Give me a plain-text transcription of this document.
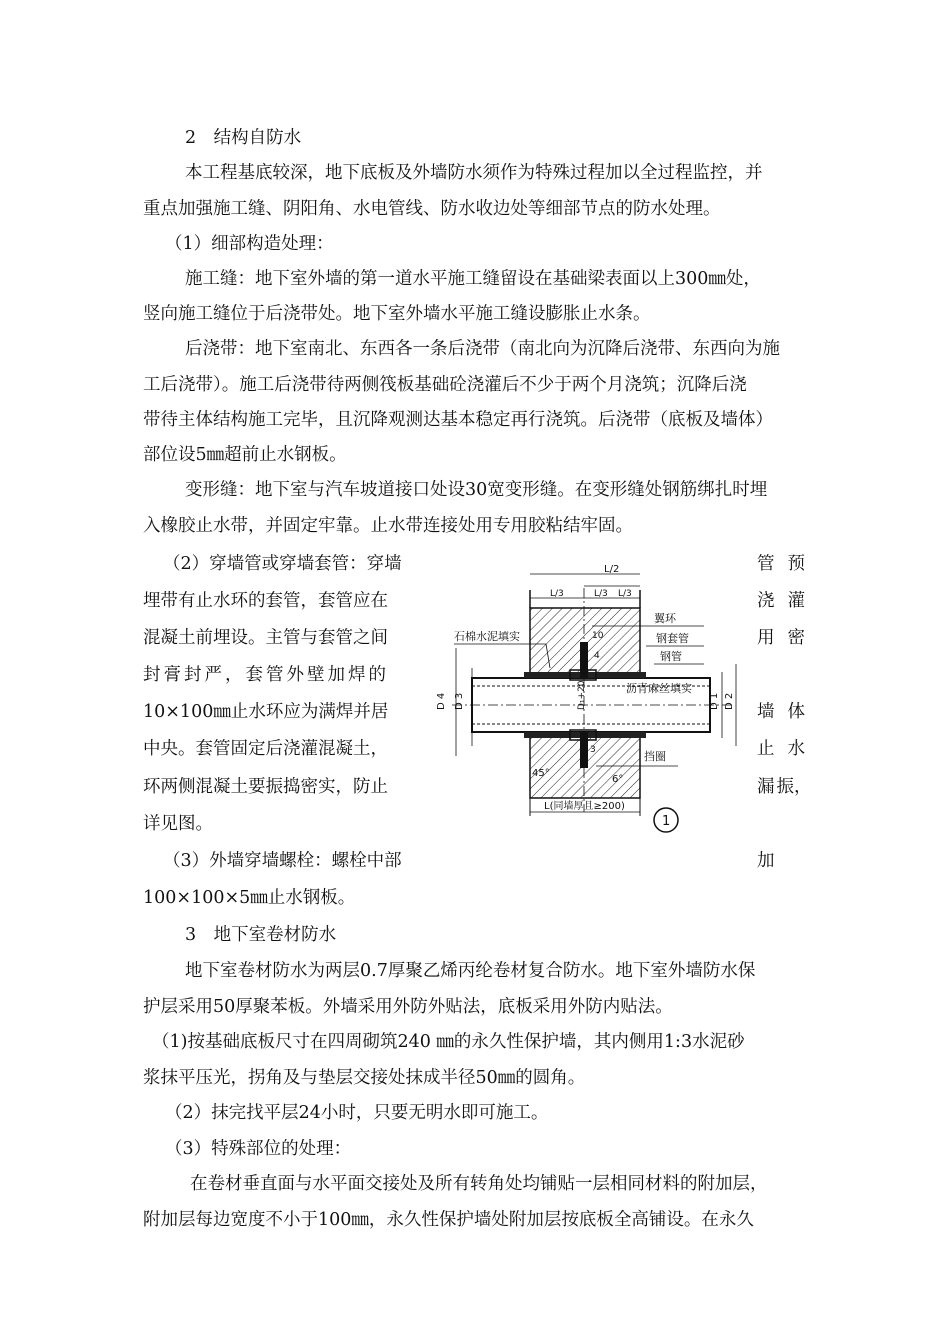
2　结构自防水
本工程基底较深，地下底板及外墙防水须作为特殊过程加以全过程监控，并
重点加强施工缝、阴阳角、水电管线、防水收边处等细部节点的防水处理。
（1）细部构造处理：
施工缝：地下室外墙的第一道水平施工缝留设在基础梁表面以上300㎜处，
竖向施工缝位于后浇带处。地下室外墙水平施工缝设膨胀止水条。
后浇带：地下室南北、东西各一条后浇带（南北向为沉降后浇带、东西向为施
工后浇带）。施工后浇带待两侧筏板基础砼浇灌后不少于两个月浇筑；沉降后浇
带待主体结构施工完毕，且沉降观测达基本稳定再行浇筑。后浇带（底板及墙体）
部位设5㎜超前止水钢板。
变形缝：地下室与汽车坡道接口处设30宽变形缝。在变形缝处钢筋绑扎时埋
入橡胶止水带，并固定牢靠。止水带连接处用专用胶粘结牢固。
（2）穿墙管或穿墙套管：穿墙
埋带有止水环的套管，套管应在
混凝土前埋设。主管与套管之间
封膏封严，套管外壁加焊的
10×100㎜止水环应为满焊并居
中央。套管固定后浇灌混凝土，
环两侧混凝土要振捣密实，防止
详见图。
管 预
浇 灌
用 密
墙 体
止 水
漏 振，
（3）外墙穿墙螺栓：螺栓中部	加
100×100×5㎜止水钢板。
3　地下室卷材防水
地下室卷材防水为两层0.7厚聚乙烯丙纶卷材复合防水。地下室外墙防水保
护层采用50厚聚苯板。外墙采用外防外贴法，底板采用外防内贴法。
（1)按基础底板尺寸在四周砌筑240 ㎜的永久性保护墙，其内侧用1:3水泥砂
浆抹平压光，拐角及与垫层交接处抹成半径50㎜的圆角。
（2）抹完找平层24小时，只要无明水即可施工。
（3）特殊部位的处理：
在卷材垂直面与水平面交接处及所有转角处均铺贴一层相同材料的附加层，
附加层每边宽度不小于100㎜，永久性保护墙处附加层按底板全高铺设。在永久
L/2
L/3	L/3 L/3
石棉水泥填实
翼环
钢套管
钢管
沥青麻丝填实
挡圈
45°
6°
3
10
4
D₁+20
D 4 D 3	D 1 D 2
L(同墙厚且≥200)
1
